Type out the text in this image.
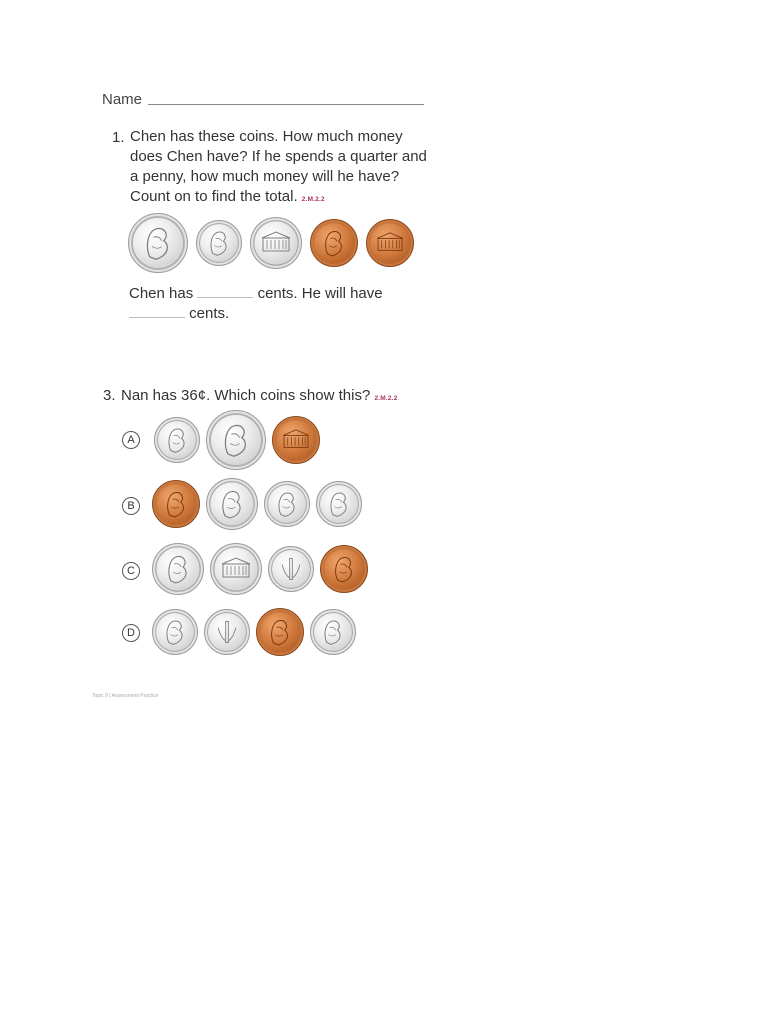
Name
1. Chen has these coins. How much money
does Chen have? If he spends a quarter and
a penny, how much money will he have?
Count on to find the total. 2.M.2.2
Chen has	cents. He will have
cents.
3. Nan has 36¢. Which coins show this? 2.M.2.2
A
B
C
D
Topic 9 | Assessment Practice
